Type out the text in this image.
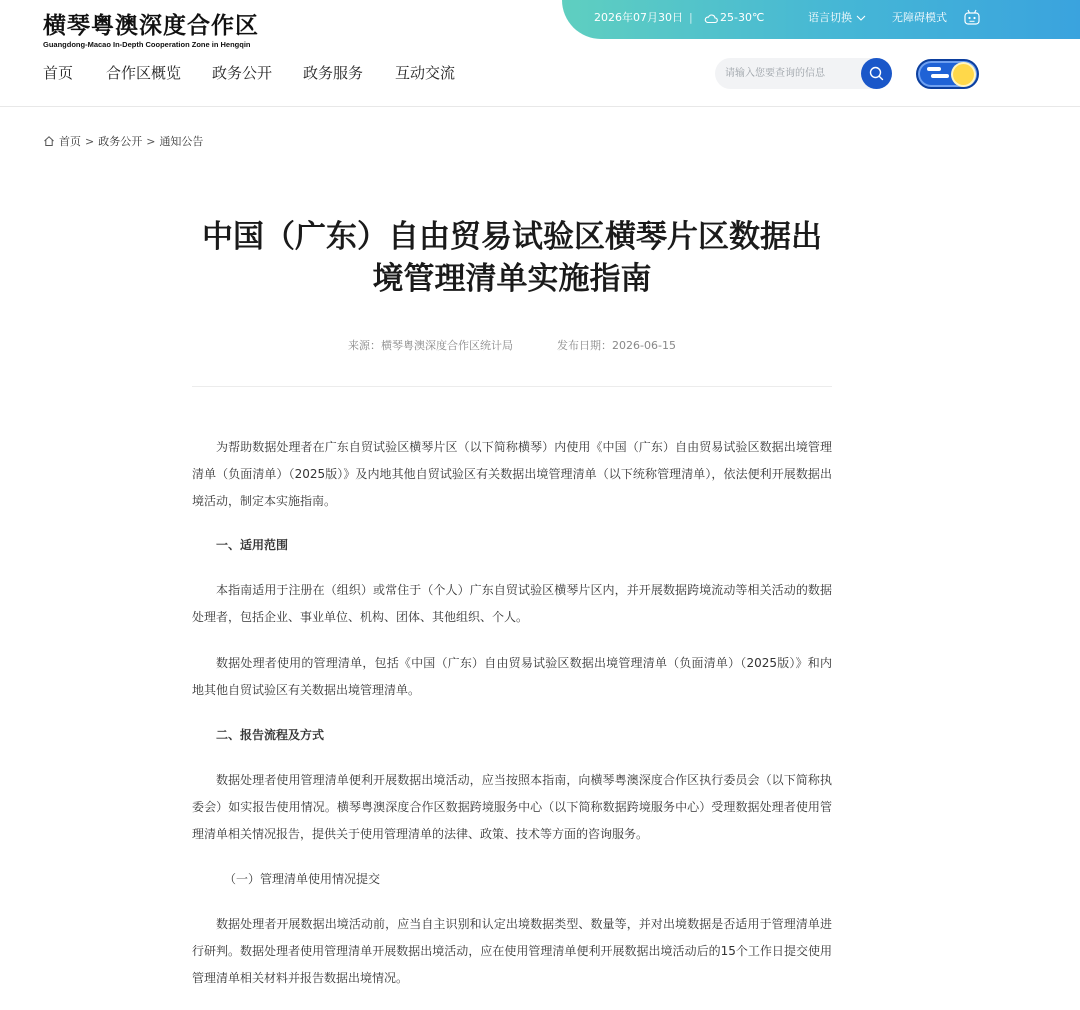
横琴粤澳深度合作区
Guangdong-Macao In-Depth Cooperation Zone in Hengqin
2026年07月30日 |	25-30℃	语言切换	无障碍模式
首页 合作区概览 政务公开 政务服务 互动交流
请输入您要查询的信息
首页 > 政务公开 > 通知公告
中国（广东）自由贸易试验区横琴片区数据出
境管理清单实施指南
来源：横琴粤澳深度合作区统计局	发布日期：2026-06-15

为帮助数据处理者在广东自贸试验区横琴片区（以下简称横琴）内使用《中国（广东）自由贸易试验区数据出境管理清单（负面清单）（2025版）》及内地其他自贸试验区有关数据出境管理清单（以下统称管理清单），依法便利开展数据出境活动，制定本实施指南。

一、适用范围

本指南适用于注册在（组织）或常住于（个人）广东自贸试验区横琴片区内，并开展数据跨境流动等相关活动的数据处理者，包括企业、事业单位、机构、团体、其他组织、个人。

数据处理者使用的管理清单，包括《中国（广东）自由贸易试验区数据出境管理清单（负面清单）（2025版）》和内地其他自贸试验区有关数据出境管理清单。

二、报告流程及方式

数据处理者使用管理清单便利开展数据出境活动，应当按照本指南，向横琴粤澳深度合作区执行委员会（以下简称执委会）如实报告使用情况。横琴粤澳深度合作区数据跨境服务中心（以下简称数据跨境服务中心）受理数据处理者使用管理清单相关情况报告，提供关于使用管理清单的法律、政策、技术等方面的咨询服务。

（一）管理清单使用情况提交

数据处理者开展数据出境活动前，应当自主识别和认定出境数据类型、数量等，并对出境数据是否适用于管理清单进行研判。数据处理者使用管理清单开展数据出境活动，应在使用管理清单便利开展数据出境活动后的15个工作日提交使用管理清单相关材料并报告数据出境情况。
